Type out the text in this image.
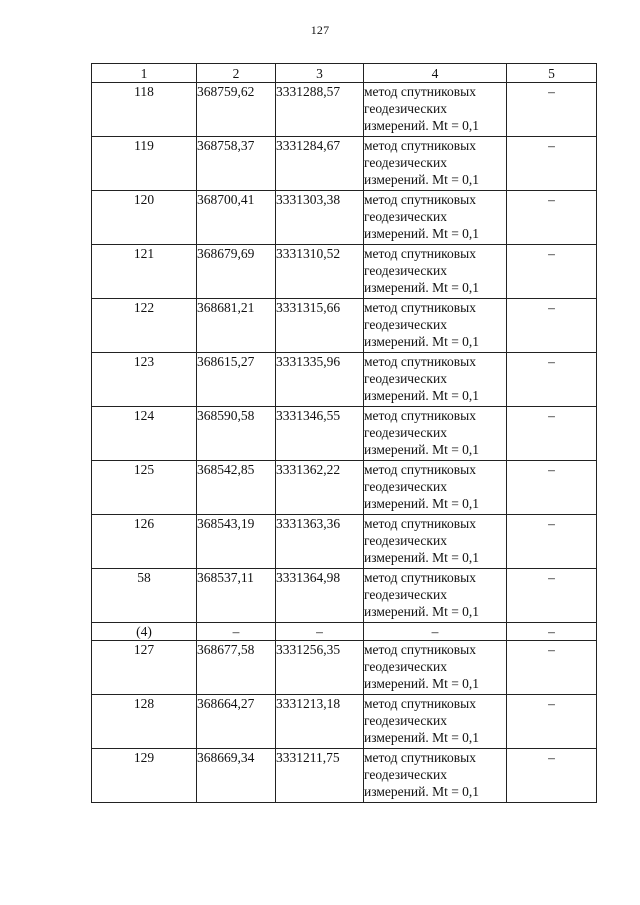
127
1	2	3	4	5
118	368759,62	3331288,57	метод спутниковых
геодезических
измерений. Mt = 0,1	–
119	368758,37	3331284,67	метод спутниковых
геодезических
измерений. Mt = 0,1	–
120	368700,41	3331303,38	метод спутниковых
геодезических
измерений. Mt = 0,1	–
121	368679,69	3331310,52	метод спутниковых
геодезических
измерений. Mt = 0,1	–
122	368681,21	3331315,66	метод спутниковых
геодезических
измерений. Mt = 0,1	–
123	368615,27	3331335,96	метод спутниковых
геодезических
измерений. Mt = 0,1	–
124	368590,58	3331346,55	метод спутниковых
геодезических
измерений. Mt = 0,1	–
125	368542,85	3331362,22	метод спутниковых
геодезических
измерений. Mt = 0,1	–
126	368543,19	3331363,36	метод спутниковых
геодезических
измерений. Mt = 0,1	–
58	368537,11	3331364,98	метод спутниковых
геодезических
измерений. Mt = 0,1	–
(4)	–	–	–	–
127	368677,58	3331256,35	метод спутниковых
геодезических
измерений. Mt = 0,1	–
128	368664,27	3331213,18	метод спутниковых
геодезических
измерений. Mt = 0,1	–
129	368669,34	3331211,75	метод спутниковых
геодезических
измерений. Mt = 0,1	–
